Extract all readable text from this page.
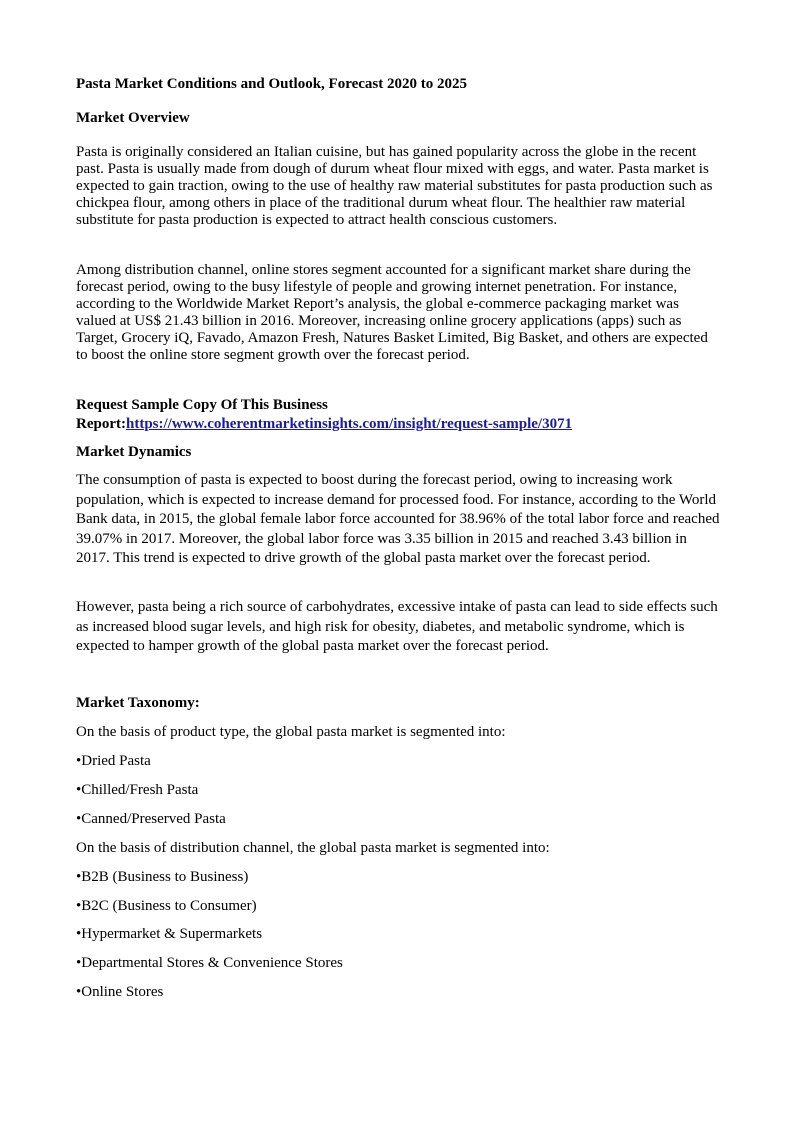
Pasta Market Conditions and Outlook, Forecast 2020 to 2025

Market Overview

Pasta is originally considered an Italian cuisine, but has gained popularity across the globe in the recent past. Pasta is usually made from dough of durum wheat flour mixed with eggs, and water. Pasta market is expected to gain traction, owing to the use of healthy raw material substitutes for pasta production such as chickpea flour, among others in place of the traditional durum wheat flour. The healthier raw material substitute for pasta production is expected to attract health conscious customers.

Among distribution channel, online stores segment accounted for a significant market share during the forecast period, owing to the busy lifestyle of people and growing internet penetration. For instance, according to the Worldwide Market Report’s analysis, the global e-commerce packaging market was valued at US$ 21.43 billion in 2016. Moreover, increasing online grocery applications (apps) such as Target, Grocery iQ, Favado, Amazon Fresh, Natures Basket Limited, Big Basket, and others are expected to boost the online store segment growth over the forecast period.

Request Sample Copy Of This Business

Report:https://www.coherentmarketinsights.com/insight/request-sample/3071

Market Dynamics

The consumption of pasta is expected to boost during the forecast period, owing to increasing work population, which is expected to increase demand for processed food. For instance, according to the World Bank data, in 2015, the global female labor force accounted for 38.96% of the total labor force and reached 39.07% in 2017. Moreover, the global labor force was 3.35 billion in 2015 and reached 3.43 billion in 2017. This trend is expected to drive growth of the global pasta market over the forecast period.

However, pasta being a rich source of carbohydrates, excessive intake of pasta can lead to side effects such as increased blood sugar levels, and high risk for obesity, diabetes, and metabolic syndrome, which is expected to hamper growth of the global pasta market over the forecast period.

Market Taxonomy:

On the basis of product type, the global pasta market is segmented into:

•Dried Pasta

•Chilled/Fresh Pasta

•Canned/Preserved Pasta

On the basis of distribution channel, the global pasta market is segmented into:

•B2B (Business to Business)

•B2C (Business to Consumer)

•Hypermarket & Supermarkets

•Departmental Stores & Convenience Stores

•Online Stores
